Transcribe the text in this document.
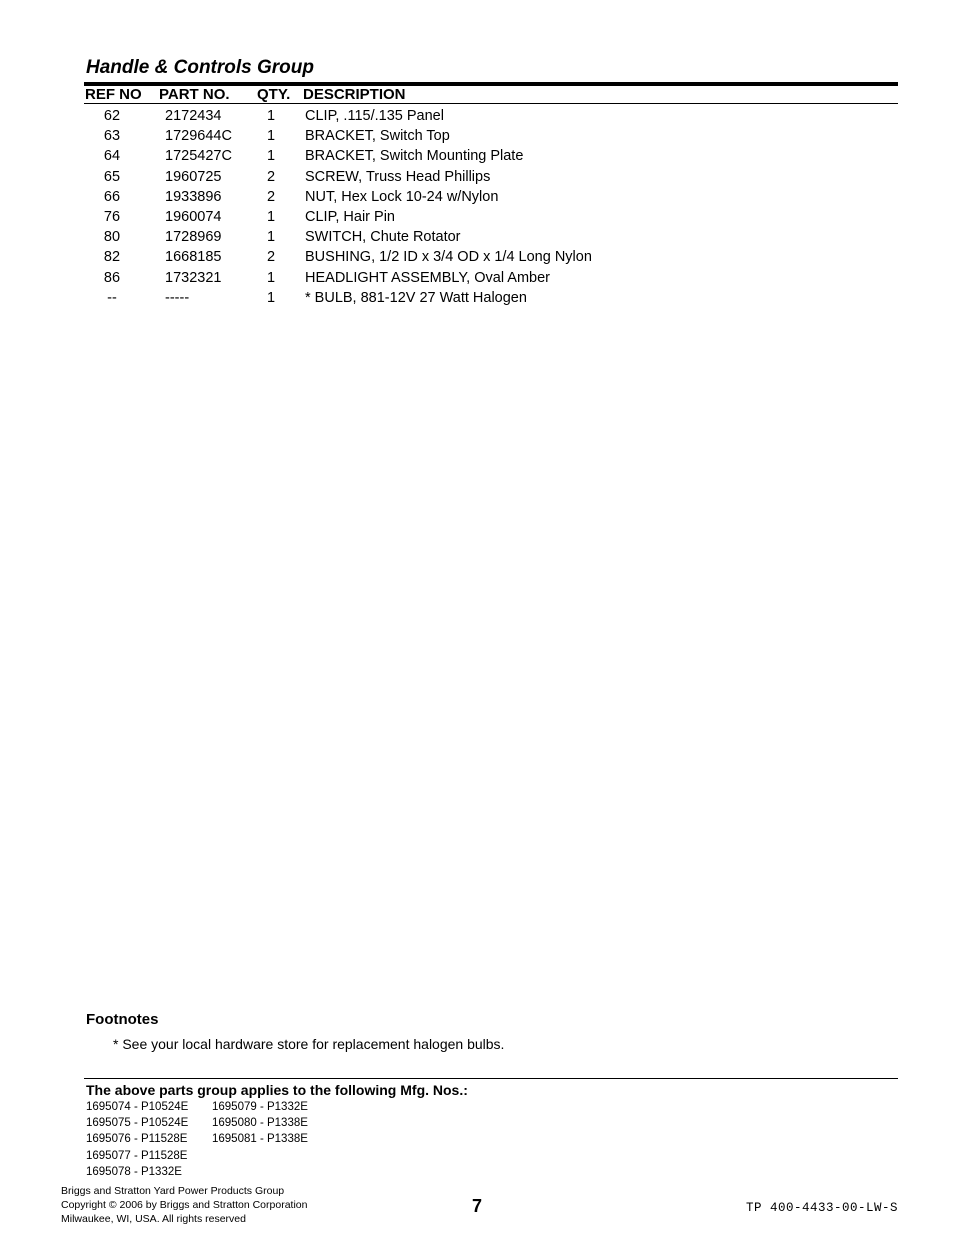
Handle & Controls Group
REF NO PART NO. QTY. DESCRIPTION
62	2172434	1	CLIP, .115/.135 Panel
63	1729644C	1	BRACKET, Switch Top
64	1725427C	1	BRACKET, Switch Mounting Plate
65	1960725	2	SCREW, Truss Head Phillips
66	1933896	2	NUT, Hex Lock 10-24 w/Nylon
76	1960074	1	CLIP, Hair Pin
80	1728969	1	SWITCH, Chute Rotator
82	1668185	2	BUSHING, 1/2 ID x 3/4 OD x 1/4 Long Nylon
86	1732321	1	HEADLIGHT ASSEMBLY, Oval Amber
--	-----	1	* BULB, 881-12V 27 Watt Halogen
Footnotes
* See your local hardware store for replacement halogen bulbs.
The above parts group applies to the following Mfg. Nos.:
1695074 - P10524E
1695075 - P10524E
1695076 - P11528E
1695077 - P11528E
1695078 - P1332E
1695079 - P1332E
1695080 - P1338E
1695081 - P1338E
Briggs and Stratton Yard Power Products Group
Copyright © 2006 by Briggs and Stratton Corporation
Milwaukee, WI, USA. All rights reserved
7	TP 400-4433-00-LW-S
